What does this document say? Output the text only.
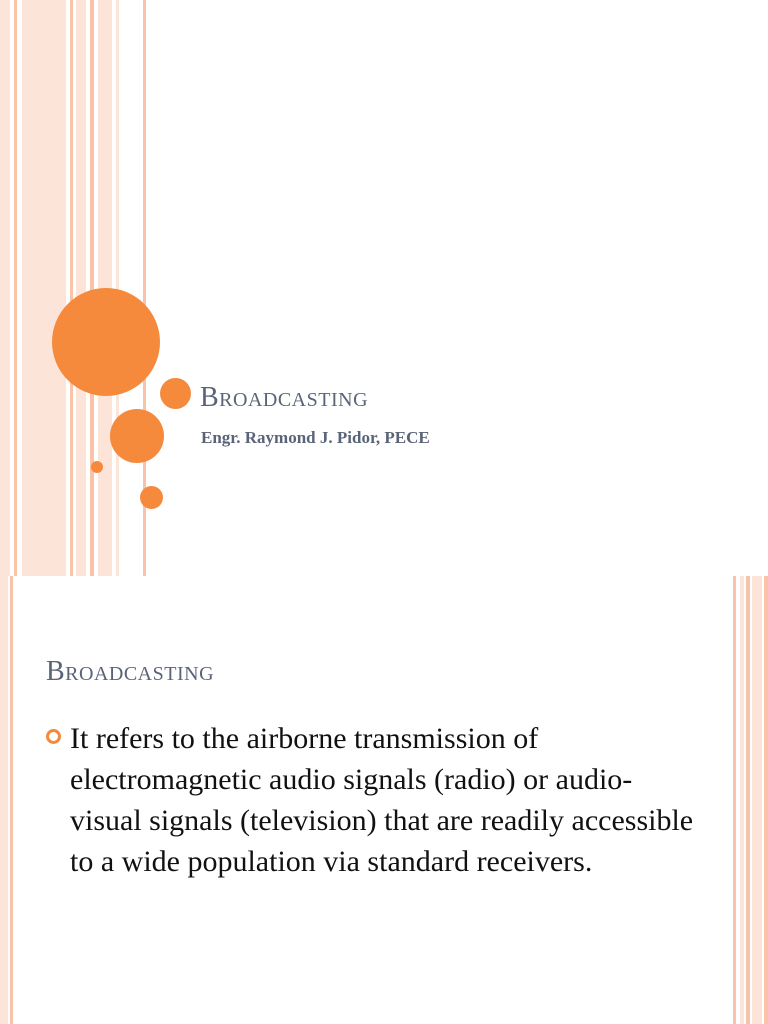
Broadcasting
Engr. Raymond J. Pidor, PECE
Broadcasting
It refers to the airborne transmission of electromagnetic audio signals (radio) or audio-visual signals (television) that are readily accessible to a wide population via standard receivers.
